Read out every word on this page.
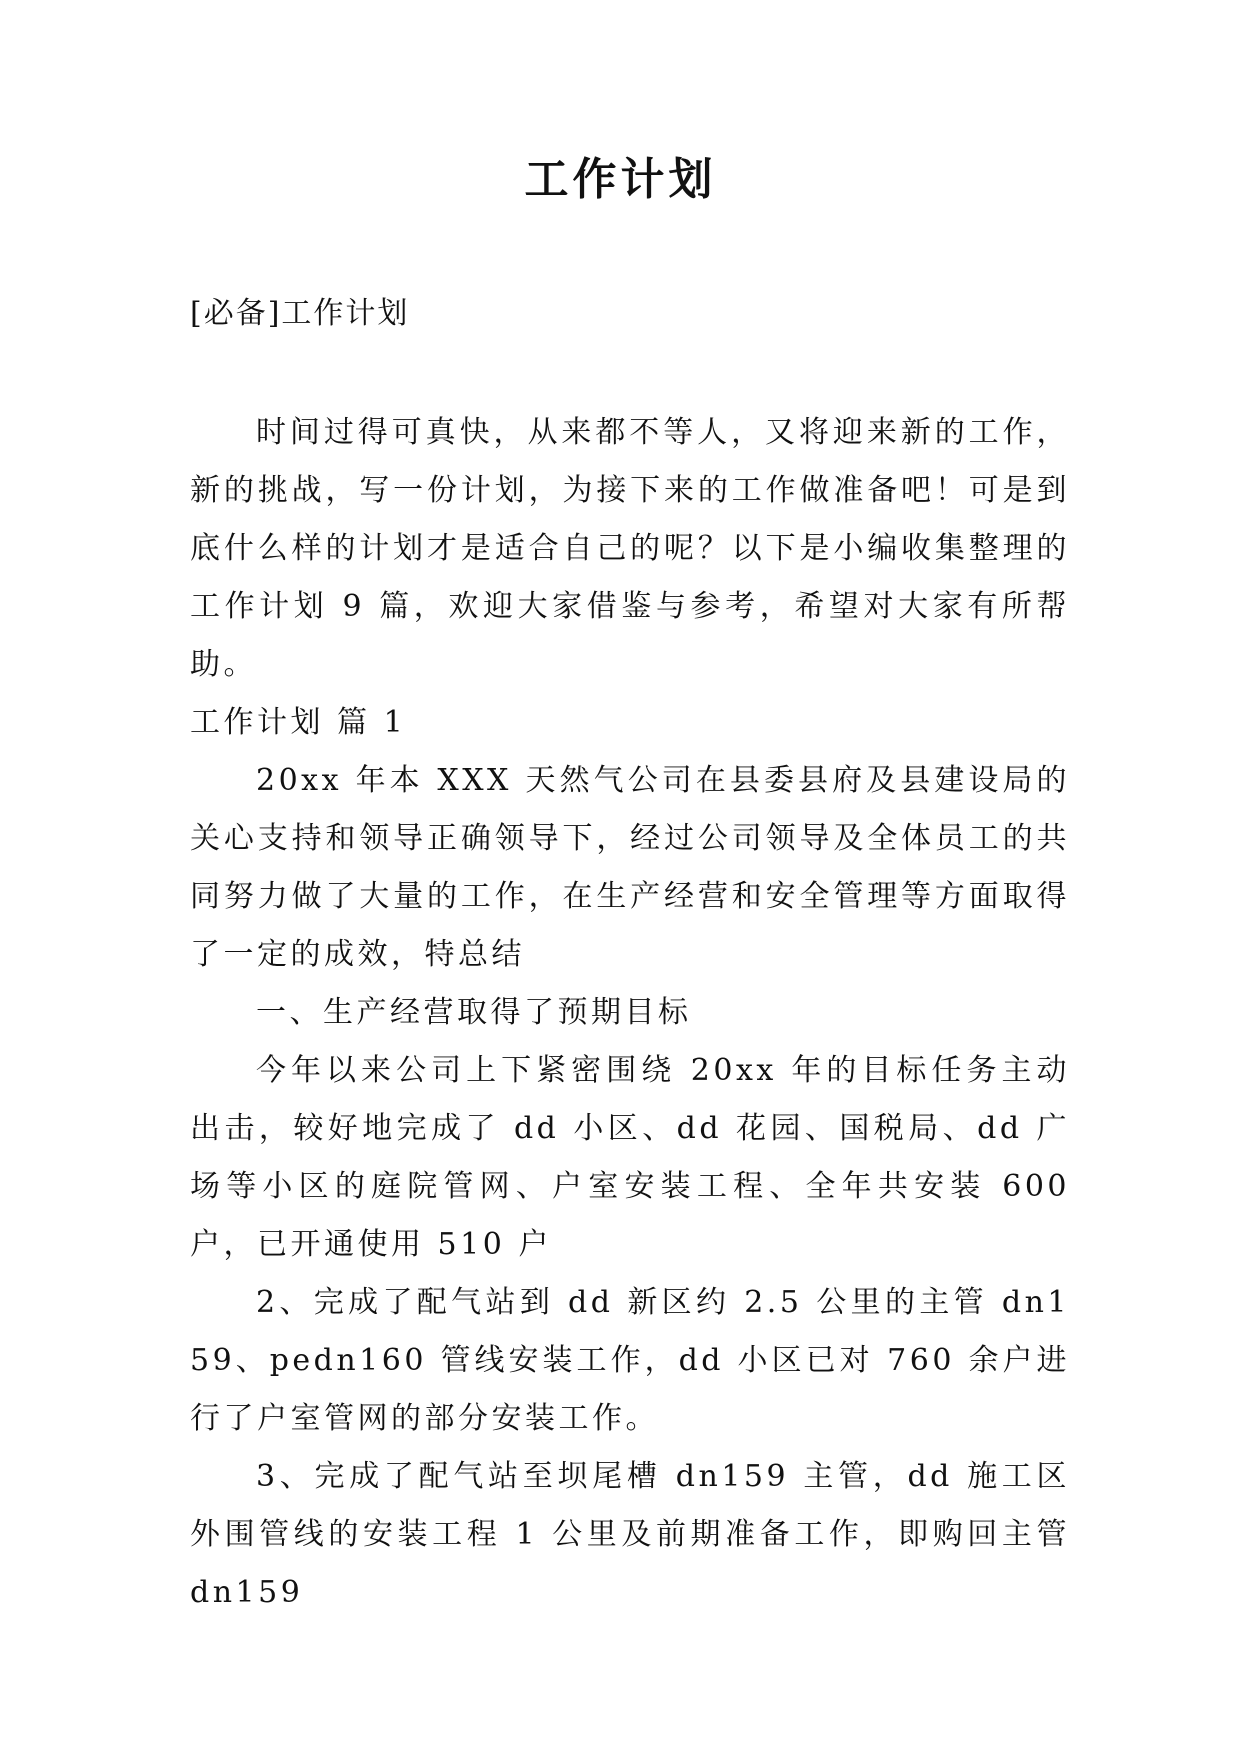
工作计划

[必备]工作计划

时间过得可真快，从来都不等人，又将迎来新的工作，新的挑战，写一份计划，为接下来的工作做准备吧！可是到底什么样的计划才是适合自己的呢？以下是小编收集整理的工作计划 9 篇，欢迎大家借鉴与参考，希望对大家有所帮助。

工作计划 篇 1

20xx 年本 XXX 天然气公司在县委县府及县建设局的关心支持和领导正确领导下，经过公司领导及全体员工的共同努力做了大量的工作，在生产经营和安全管理等方面取得了一定的成效，特总结

一、生产经营取得了预期目标

今年以来公司上下紧密围绕 20xx 年的目标任务主动出击，较好地完成了 dd 小区、dd 花园、国税局、dd 广场等小区的庭院管网、户室安装工程、全年共安装 600 户，已开通使用 510 户

2、完成了配气站到 dd 新区约 2.5 公里的主管 dn159、pedn160 管线安装工作，dd 小区已对 760 余户进行了户室管网的部分安装工作。

3、完成了配气站至坝尾槽 dn159 主管，dd 施工区外围管线的安装工程 1 公里及前期准备工作，即购回主管 dn159
